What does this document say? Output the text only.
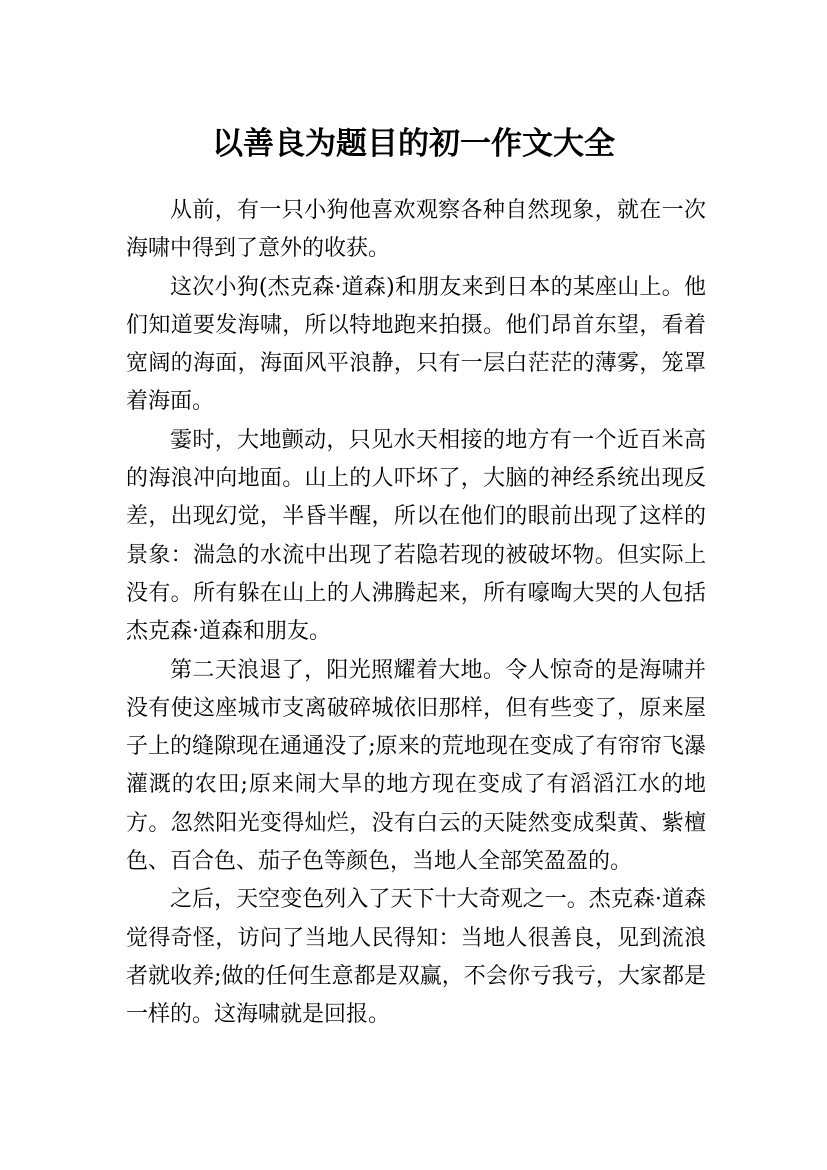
以善良为题目的初一作文大全

从前，有一只小狗他喜欢观察各种自然现象，就在一次海啸中得到了意外的收获。

这次小狗(杰克森·道森)和朋友来到日本的某座山上。他们知道要发海啸，所以特地跑来拍摄。他们昂首东望，看着宽阔的海面，海面风平浪静，只有一层白茫茫的薄雾，笼罩着海面。

霎时，大地颤动，只见水天相接的地方有一个近百米高的海浪冲向地面。山上的人吓坏了，大脑的神经系统出现反差，出现幻觉，半昏半醒，所以在他们的眼前出现了这样的景象：湍急的水流中出现了若隐若现的被破坏物。但实际上没有。所有躲在山上的人沸腾起来，所有嚎啕大哭的人包括杰克森·道森和朋友。

第二天浪退了，阳光照耀着大地。令人惊奇的是海啸并没有使这座城市支离破碎城依旧那样，但有些变了，原来屋子上的缝隙现在通通没了;原来的荒地现在变成了有帘帘飞瀑灌溉的农田;原来闹大旱的地方现在变成了有滔滔江水的地方。忽然阳光变得灿烂，没有白云的天陡然变成梨黄、紫檀色、百合色、茄子色等颜色，当地人全部笑盈盈的。

之后，天空变色列入了天下十大奇观之一。杰克森·道森觉得奇怪，访问了当地人民得知：当地人很善良，见到流浪者就收养;做的任何生意都是双赢，不会你亏我亏，大家都是一样的。这海啸就是回报。
